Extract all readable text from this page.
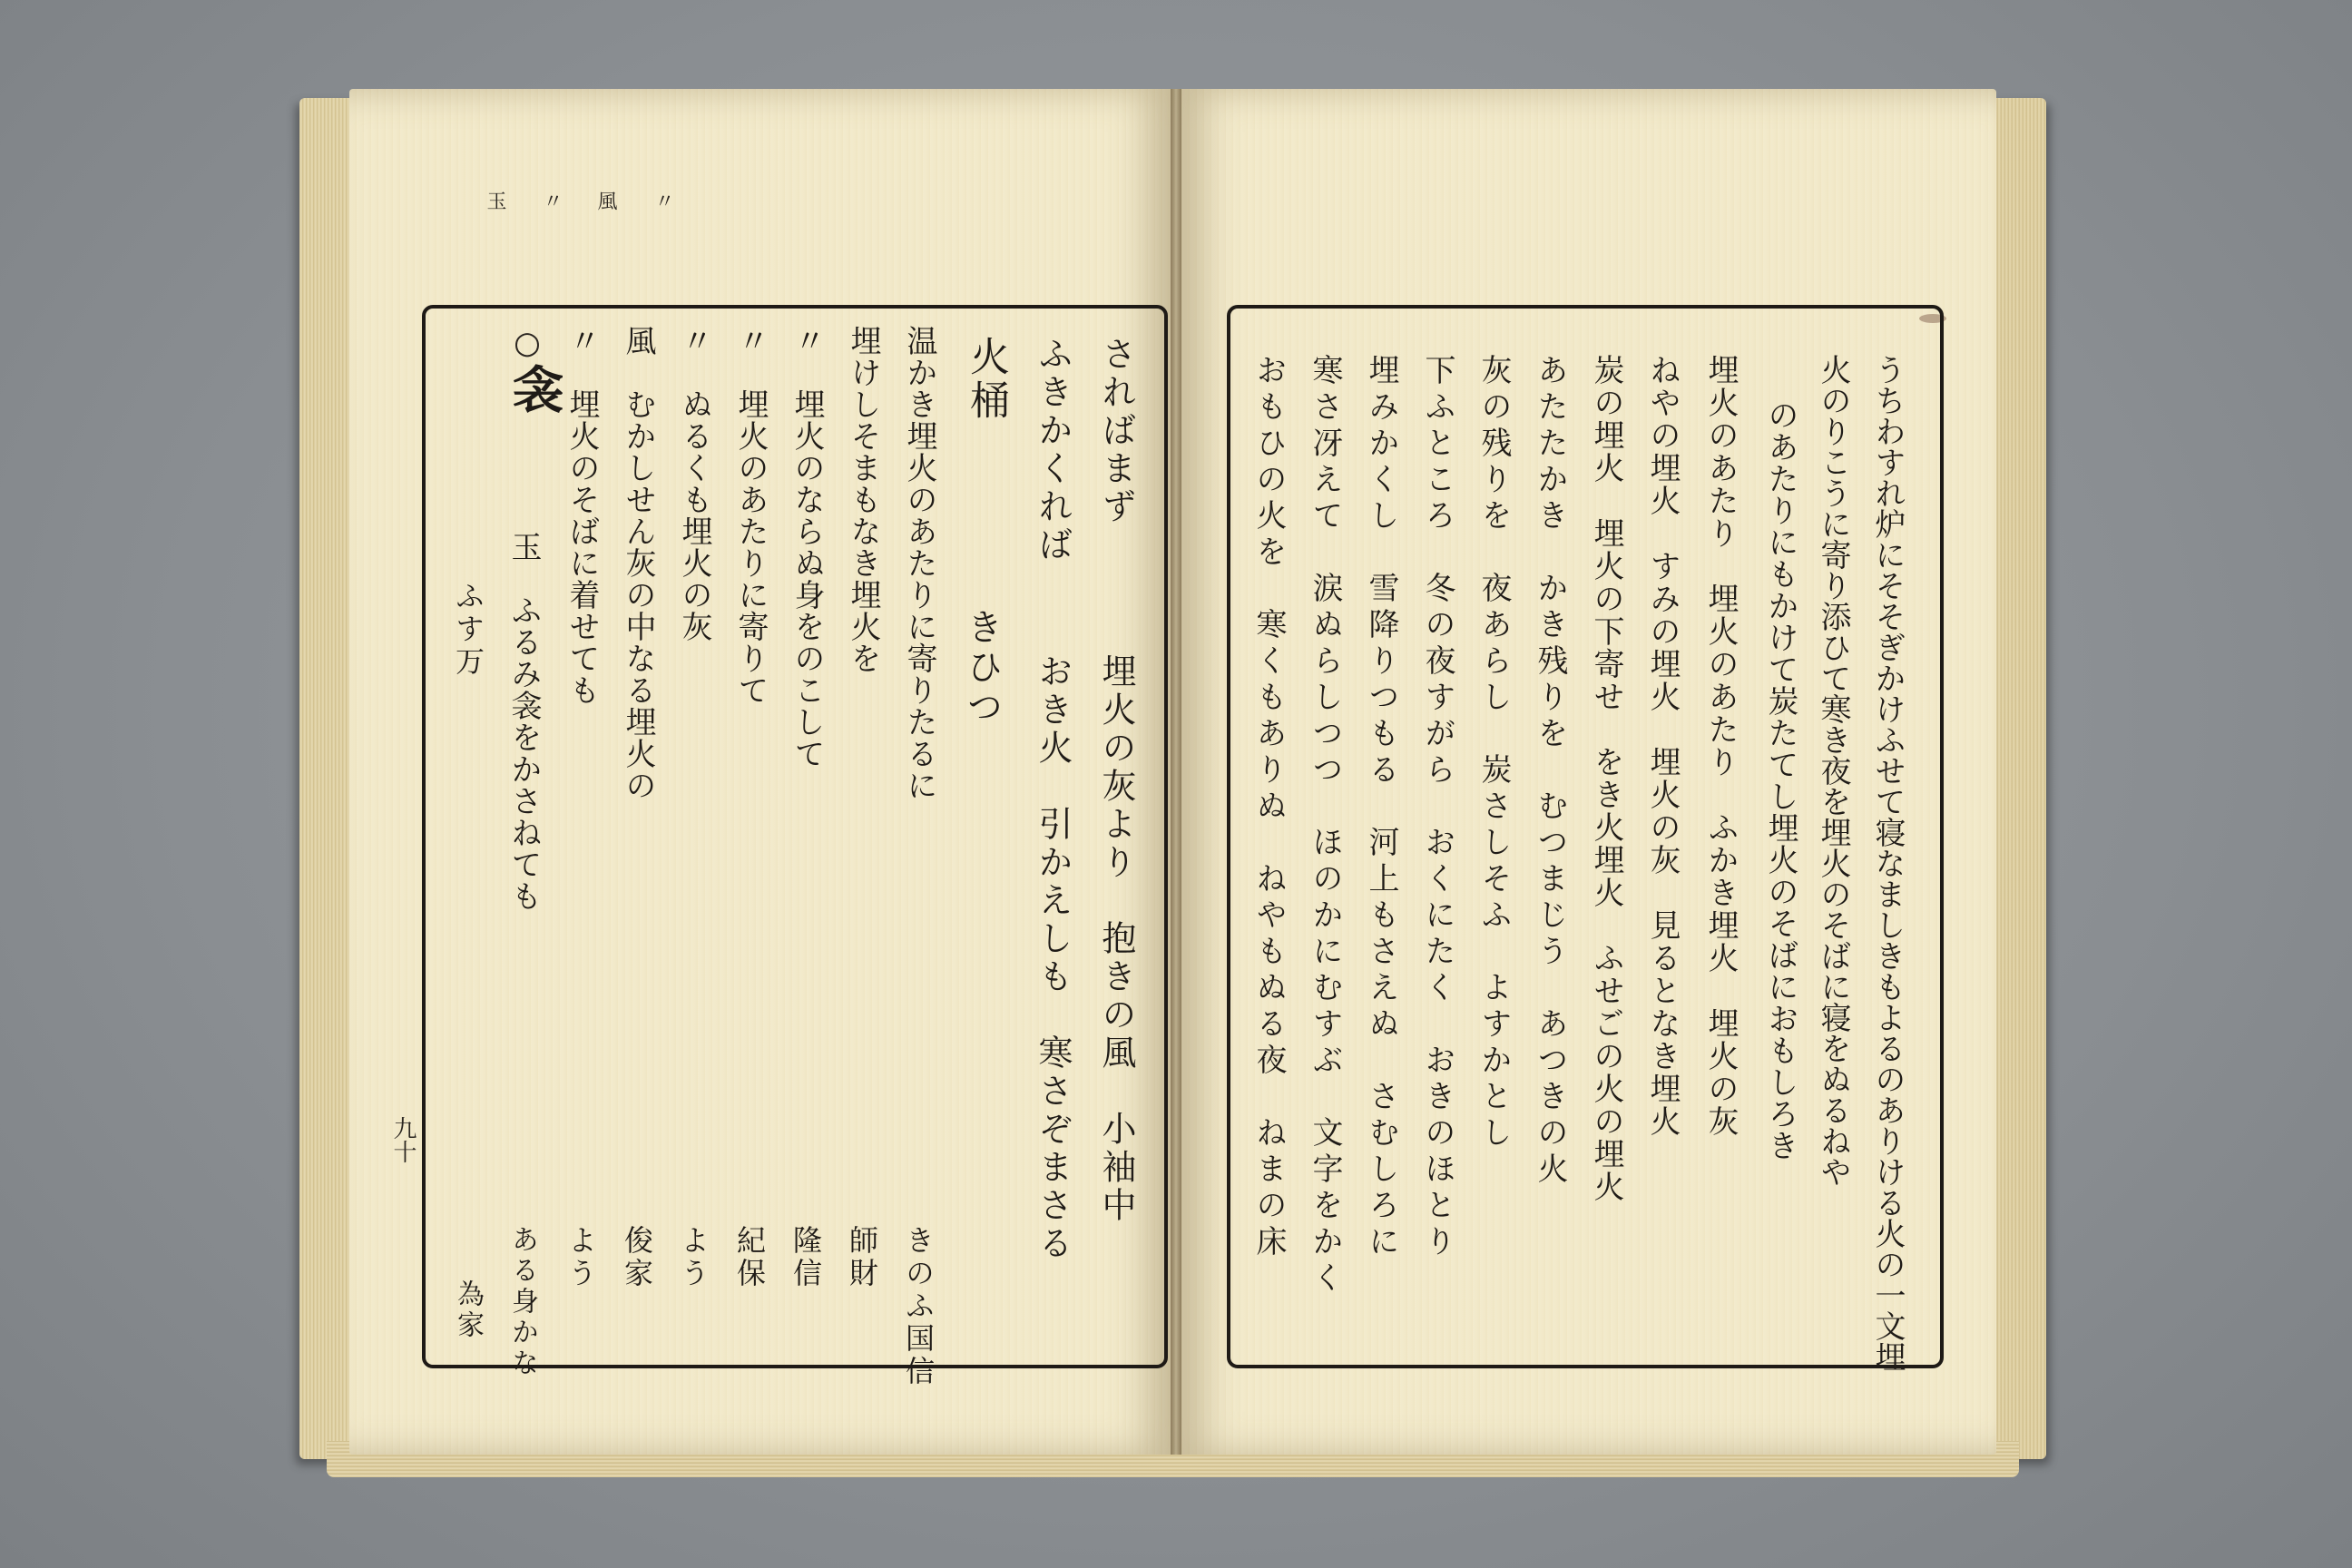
さればまず
埋火の灰より　抱きの風　小袖中
ふきかくれば
おき火　引かえしも　寒さぞまさる
火桶
きひつ
温かき埋火のあたりに寄りたるに
きのふ国信
埋けしそまもなき埋火を
師財
〃　埋火のならぬ身をのこして
隆信
〃　埋火のあたりに寄りて
紀保
〃　ぬるくも埋火の灰
よう
風　むかしせん灰の中なる埋火の
俊家
〃　埋火のそばに着せても
よう
衾
○
玉　ふるみ衾をかさねても
ふす万
ある身かな
為家
玉 〃 風 〃
九十	うちわすれ炉にそそぎかけふせて寝なましきもよるのありける火の一文埋
火のりこうに寄り添ひて寒き夜を埋火のそばに寝をぬるねや
のあたりにもかけて炭たてし埋火のそばにおもしろき
埋火のあたり　埋火のあたり　ふかき埋火　埋火の灰
ねやの埋火　すみの埋火　埋火の灰　見るとなき埋火
炭の埋火　埋火の下寄せ　をき火埋火　ふせごの火の埋火
あたたかき　かき残りを　むつまじう　あつきの火
灰の残りを　夜あらし　炭さしそふ　よすかとし
下ふところ　冬の夜すがら　おくにたく　おきのほとり
埋みかくし　雪降りつもる　河上もさえぬ　さむしろに
寒さ冴えて　涙ぬらしつつ　ほのかにむすぶ　文字をかく
おもひの火を　寒くもありぬ　ねやもぬる夜　ねまの床
